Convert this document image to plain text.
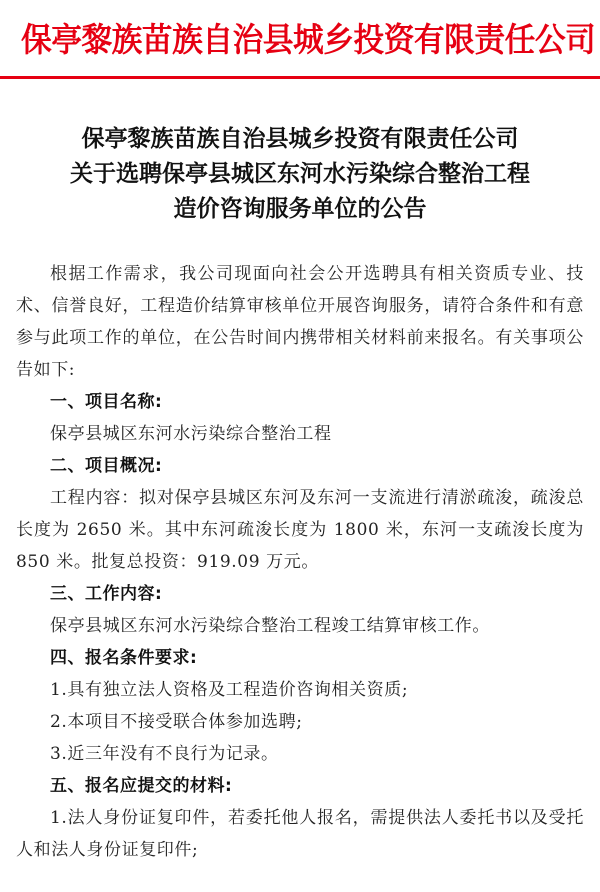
保亭黎族苗族自治县城乡投资有限责任公司
保亭黎族苗族自治县城乡投资有限责任公司
关于选聘保亭县城区东河水污染综合整治工程
造价咨询服务单位的公告

根据工作需求，我公司现面向社会公开选聘具有相关资质专业、技术、信誉良好，工程造价结算审核单位开展咨询服务，请符合条件和有意参与此项工作的单位，在公告时间内携带相关材料前来报名。有关事项公告如下:

一、项目名称:

保亭县城区东河水污染综合整治工程

二、项目概况:

工程内容：拟对保亭县城区东河及东河一支流进行清淤疏浚，疏浚总长度为 2650 米。其中东河疏浚长度为 1800 米，东河一支疏浚长度为 850 米。批复总投资：919.09 万元。

三、工作内容:

保亭县城区东河水污染综合整治工程竣工结算审核工作。

四、报名条件要求:

1.具有独立法人资格及工程造价咨询相关资质;

2.本项目不接受联合体参加选聘;

3.近三年没有不良行为记录。

五、报名应提交的材料:

1.法人身份证复印件，若委托他人报名，需提供法人委托书以及受托人和法人身份证复印件;
